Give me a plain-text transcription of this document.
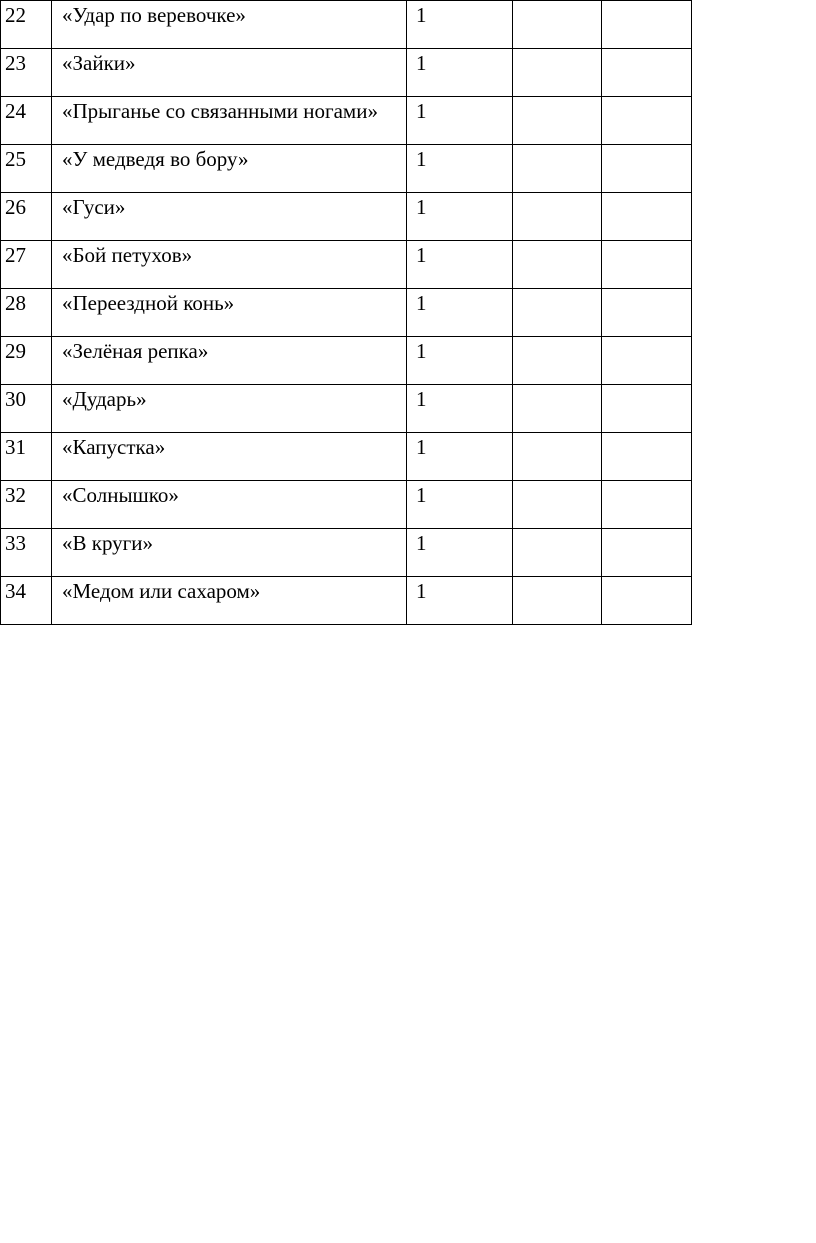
22	«Удар по веревочке»	1		
23	«Зайки»	1		
24	«Прыганье со связанными ногами»	1		
25	«У медведя во бору»	1		
26	«Гуси»	1		
27	«Бой петухов»	1		
28	«Переездной конь»	1		
29	«Зелёная репка»	1		
30	«Дударь»	1		
31	«Капустка»	1		
32	«Солнышко»	1		
33	«В круги»	1		
34	«Медом или сахаром»	1		
